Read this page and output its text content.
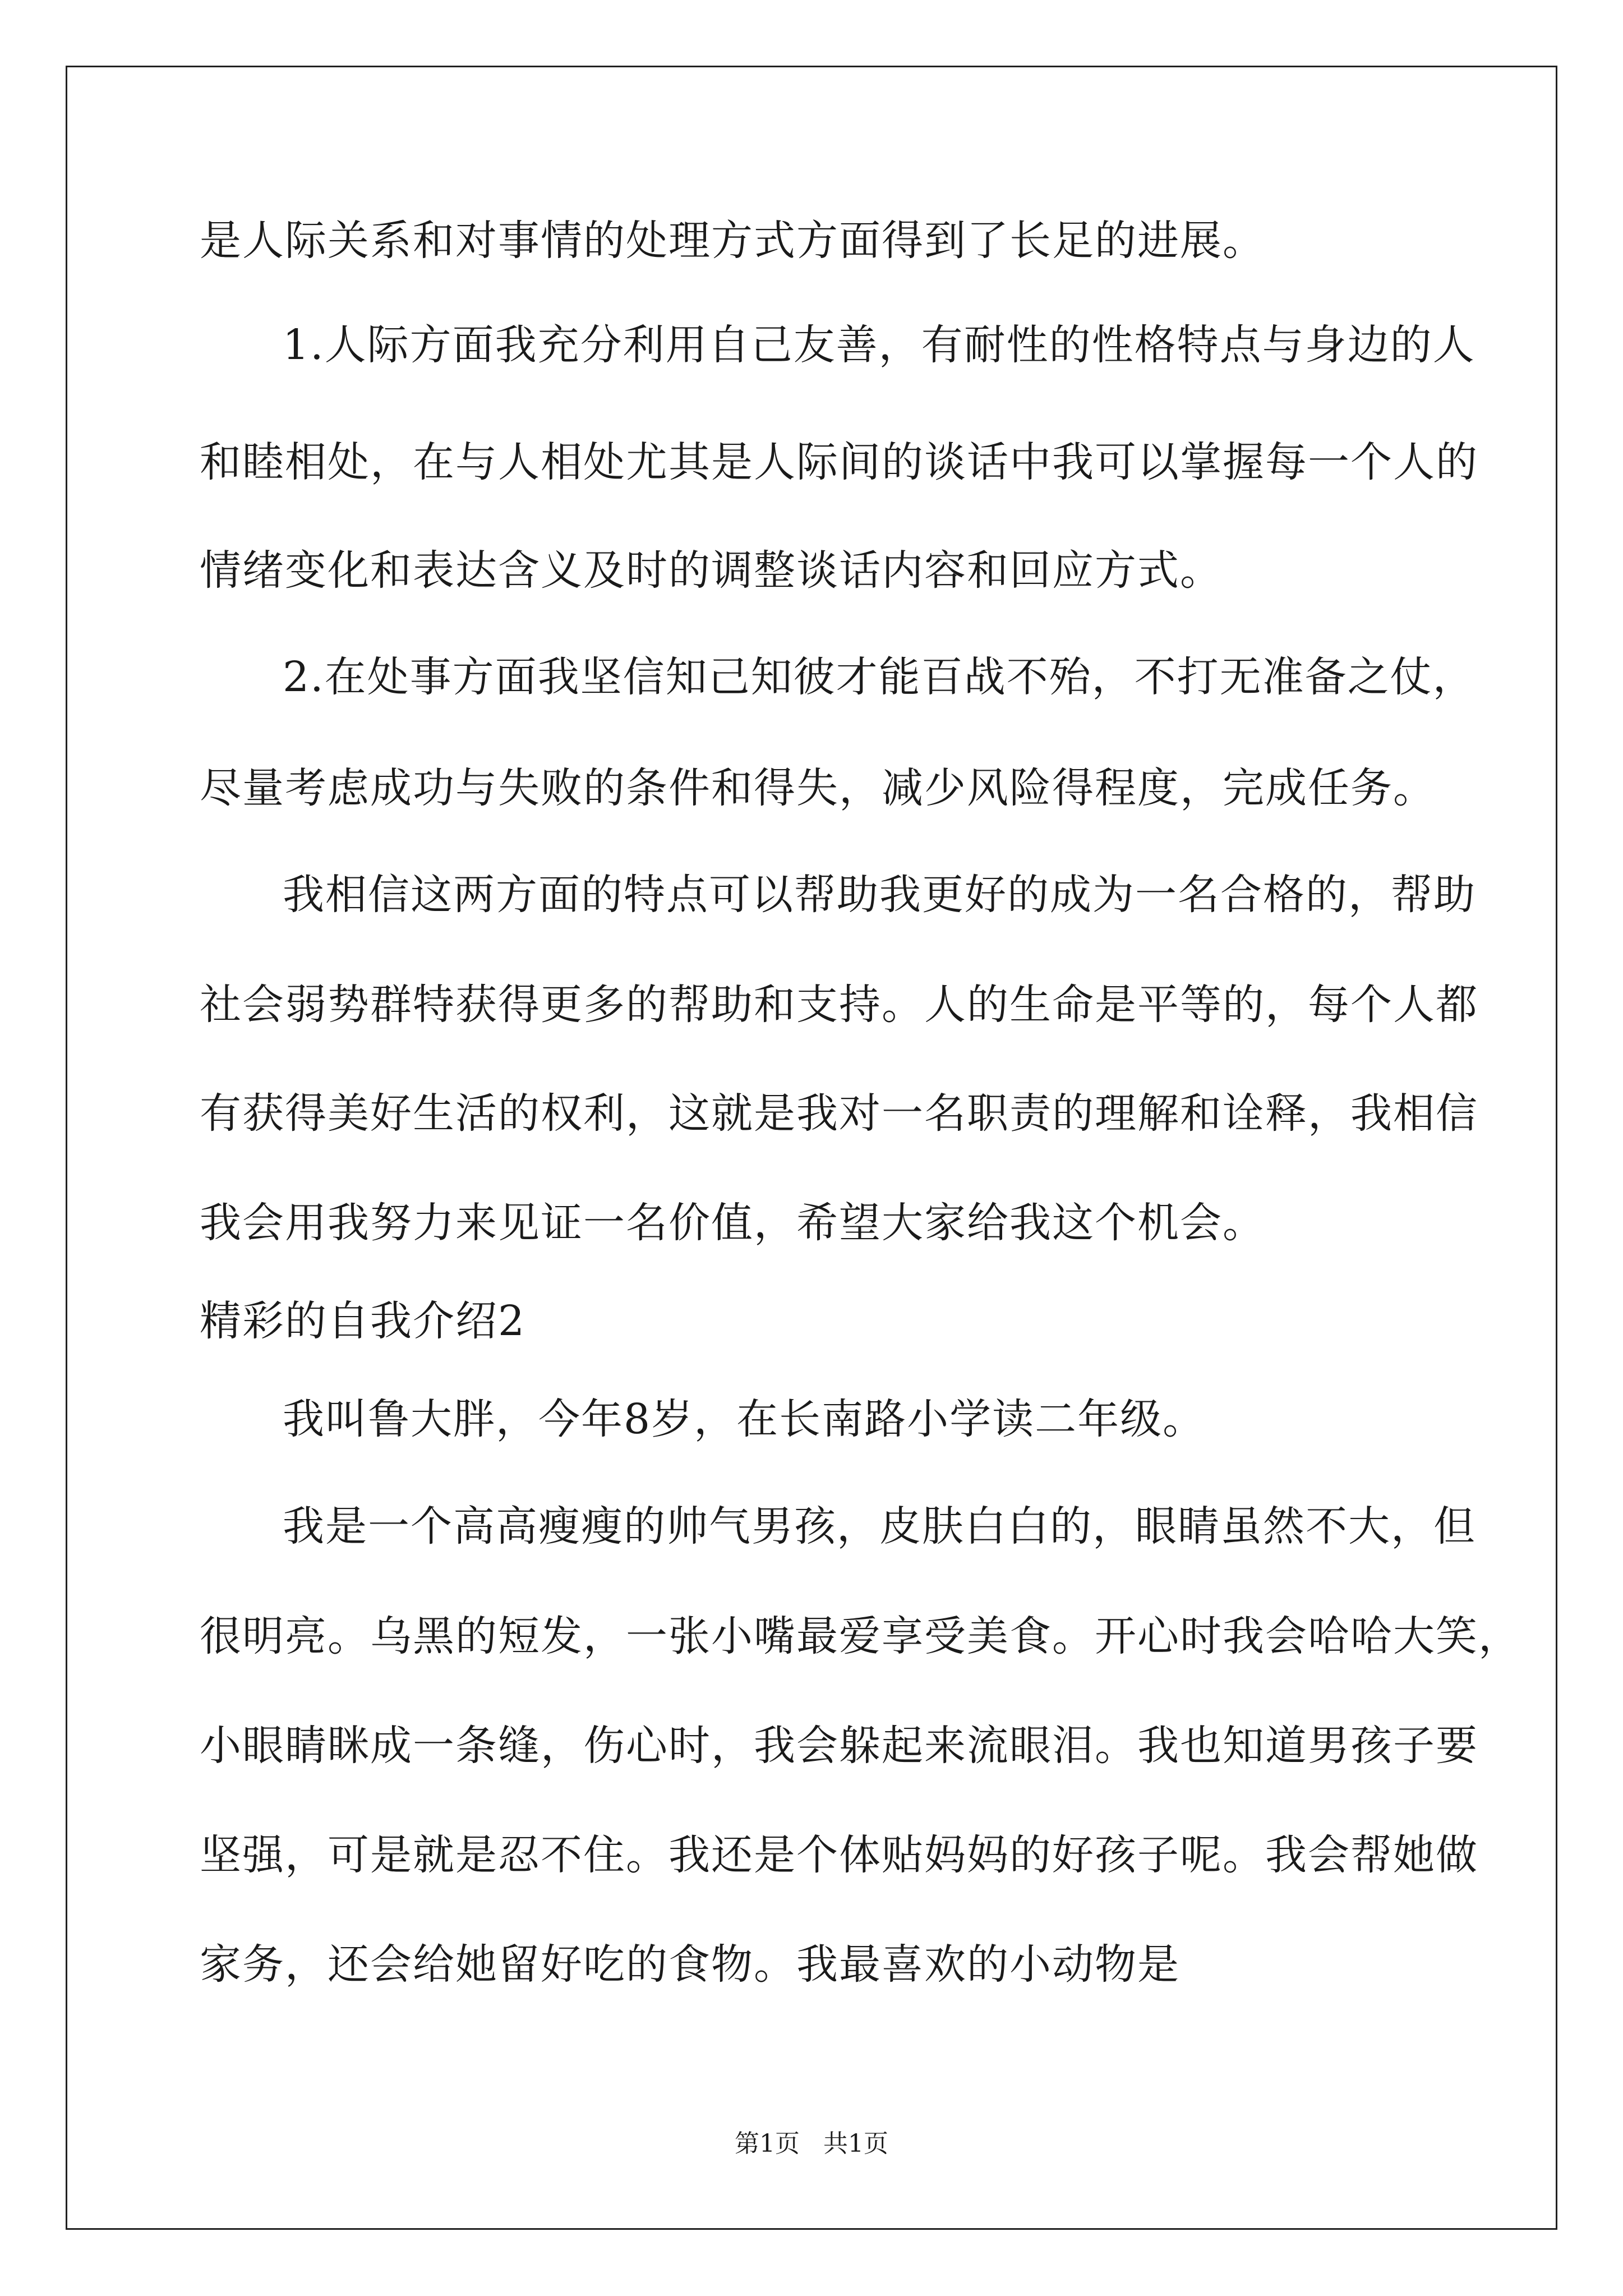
是人际关系和对事情的处理方式方面得到了长足的进展。
1.人际方面我充分利用自己友善，有耐性的性格特点与身边的人
和睦相处，在与人相处尤其是人际间的谈话中我可以掌握每一个人的
情绪变化和表达含义及时的调整谈话内容和回应方式。
2.在处事方面我坚信知己知彼才能百战不殆，不打无准备之仗，
尽量考虑成功与失败的条件和得失，减少风险得程度，完成任务。
我相信这两方面的特点可以帮助我更好的成为一名合格的，帮助
社会弱势群特获得更多的帮助和支持。人的生命是平等的，每个人都
有获得美好生活的权利，这就是我对一名职责的理解和诠释，我相信
我会用我努力来见证一名价值，希望大家给我这个机会。
精彩的自我介绍2
我叫鲁大胖，今年8岁，在长南路小学读二年级。
我是一个高高瘦瘦的帅气男孩，皮肤白白的，眼睛虽然不大，但
很明亮。乌黑的短发，一张小嘴最爱享受美食。开心时我会哈哈大笑，
小眼睛眯成一条缝，伤心时，我会躲起来流眼泪。我也知道男孩子要
坚强，可是就是忍不住。我还是个体贴妈妈的好孩子呢。我会帮她做
家务，还会给她留好吃的食物。我最喜欢的小动物是
第1页 共1页
